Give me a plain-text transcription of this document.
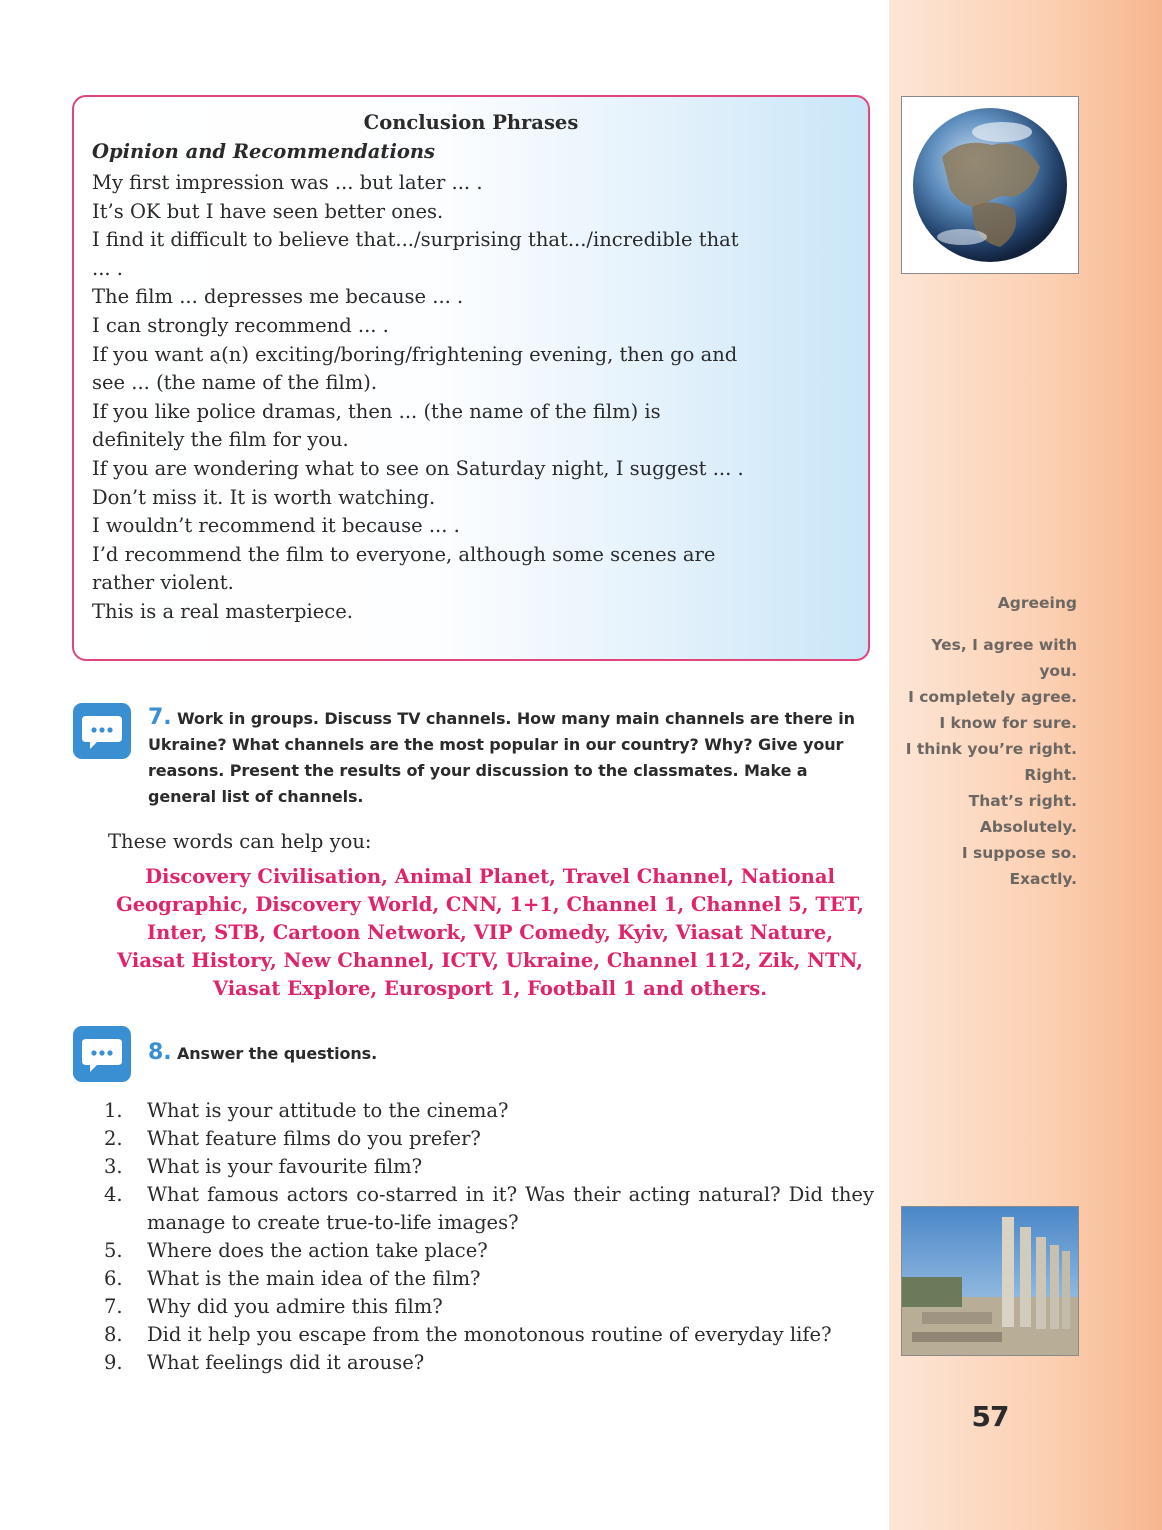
Agreeing
Yes, I agree with
you.
I completely agree.
I know for sure.
I think you’re right.
Right.
That’s right.
Absolutely.
I suppose so.
Exactly.
57
Conclusion Phrases
Opinion and Recommendations
My first impression was ... but later ... .
It’s OK but I have seen better ones.
I find it difficult to believe that.../surprising that.../incredible that
... .
The film ... depresses me because ... .
I can strongly recommend ... .
If you want a(n) exciting/boring/frightening evening, then go and
see ... (the name of the film).
If you like police dramas, then ... (the name of the film) is
definitely the film for you.
If you are wondering what to see on Saturday night, I suggest ... .
Don’t miss it. It is worth watching.
I wouldn’t recommend it because ... .
I’d recommend the film to everyone, although some scenes are
rather violent.
This is a real masterpiece.
7. Work in groups. Discuss TV channels. How many main channels are there in Ukraine? What channels are the most popular in our country? Why? Give your reasons. Present the results of your discussion to the classmates. Make a general list of channels.
These words can help you:
Discovery Civilisation, Animal Planet, Travel Channel, National Geographic, Discovery World, CNN, 1+1, Channel 1, Channel 5, TET, Inter, STB, Cartoon Network, VIP Comedy, Kyiv, Viasat Nature, Viasat History, New Channel, ICTV, Ukraine, Channel 112, Zik, NTN, Viasat Explore, Eurosport 1, Football 1 and others.
8. Answer the questions.
1.	What is your attitude to the cinema?
2.	What feature films do you prefer?
3.	What is your favourite film?
4.	What famous actors co-starred in it? Was their acting natural? Did they manage to create true-to-life images?
5.	Where does the action take place?
6.	What is the main idea of the film?
7.	Why did you admire this film?
8.	Did it help you escape from the monotonous routine of everyday life?
9.	What feelings did it arouse?
